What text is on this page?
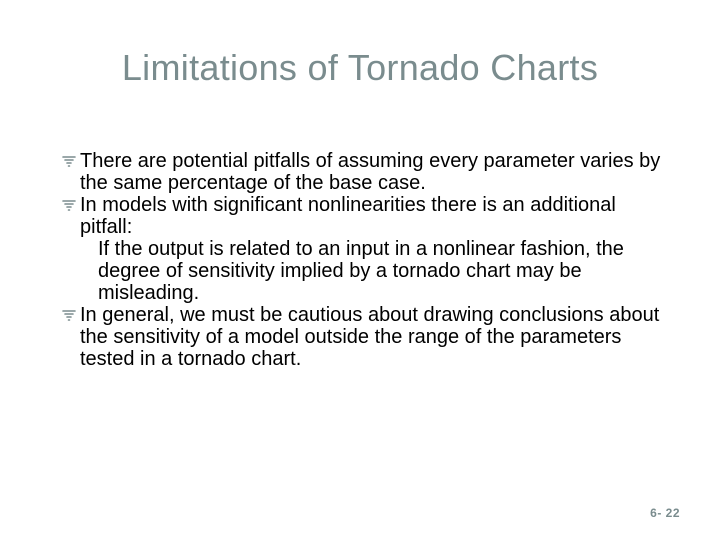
Limitations of Tornado Charts
There are potential pitfalls of assuming every parameter varies by the same percentage of the base case.
In models with significant nonlinearities there is an additional pitfall:
If the output is related to an input in a nonlinear fashion, the degree of sensitivity implied by a tornado chart may be misleading.
In general, we must be cautious about drawing conclusions about the sensitivity of a model outside the range of the parameters tested in a tornado chart.
6- 22
